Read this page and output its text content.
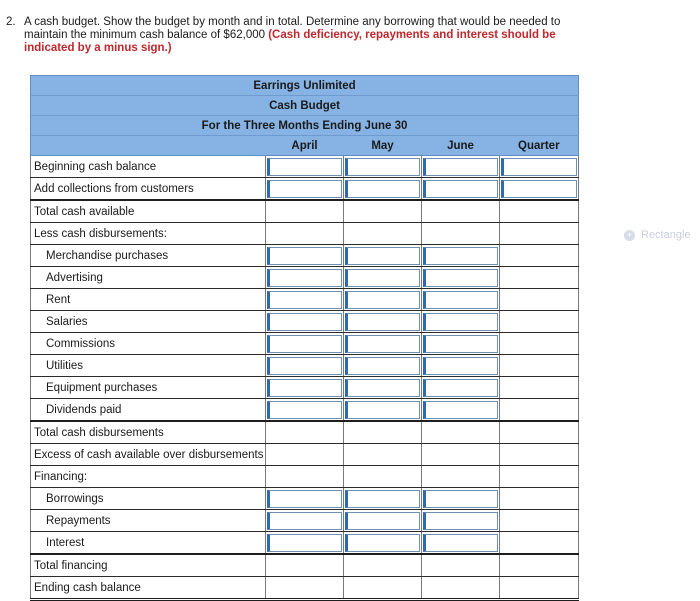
2. A cash budget. Show the budget by month and in total. Determine any borrowing that would be needed to maintain the minimum cash balance of $62,000 (Cash deficiency, repayments and interest should be indicated by a minus sign.)
Earrings Unlimited				
Cash Budget				
For the Three Months Ending June 30				
	April	May	June	Quarter
Beginning cash balance	

Add collections from customers	

Total cash available				
Less cash disbursements:				
Merchandise purchases	

Advertising	

Rent	

Salaries	

Commissions	

Utilities	

Equipment purchases	

Dividends paid	

Total cash disbursements				
Excess of cash available over disbursements				
Financing:				
Borrowings	

Repayments	

Interest	

Total financing				
Ending cash balance				
+ Rectangle
